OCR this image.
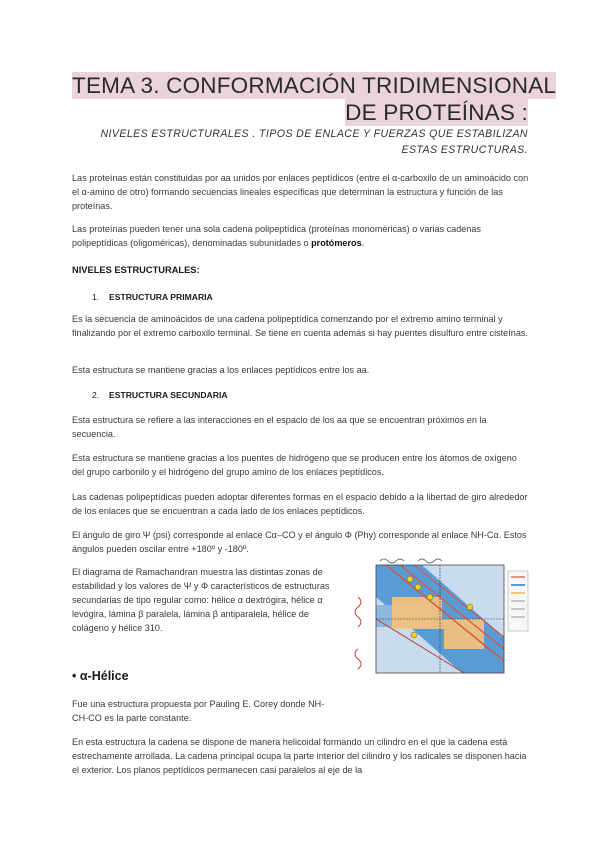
TEMA 3. CONFORMACIÓN TRIDIMENSIONAL
DE PROTEÍNAS :
NIVELES ESTRUCTURALES . TIPOS DE ENLACE Y FUERZAS QUE ESTABILIZAN
ESTAS ESTRUCTURAS.

Las proteínas están constituidas por aa unidos por enlaces peptídicos (entre el α-carboxilo de un aminoácido con el α-amino de otro) formando secuencias lineales específicas que determinan la estructura y función de las proteínas.

Las proteínas pueden tener una sola cadena polipeptídica (proteínas monoméricas) o varias cadenas polipeptídicas (oligoméricas), denominadas subunidades o protómeros.

NIVELES ESTRUCTURALES:
1. ESTRUCTURA PRIMARIA

Es la secuencia de aminoácidos de una cadena polipeptídica comenzando por el extremo amino terminal y finalizando por el extremo carboxilo terminal. Se tiene en cuenta además si hay puentes disulfuro entre cisteínas.

Esta estructura se mantiene gracias a los enlaces peptídicos entre los aa.

2. ESTRUCTURA SECUNDARIA

Esta estructura se refiere a las interacciones en el espacio de los aa que se encuentran próximos en la secuencia.

Esta estructura se mantiene gracias a los puentes de hidrógeno que se producen entre los átomos de oxígeno del grupo carbonilo y el hidrógeno del grupo amino de los enlaces peptídicos.

Las cadenas polipeptídicas pueden adoptar diferentes formas en el espacio debido a la libertad de giro alrededor de los enlaces que se encuentran a cada lado de los enlaces peptídicos.

El ángulo de giro Ψ (psi) corresponde al enlace Cα–CO y el ángulo Φ (Phy) corresponde al enlace NH-Cα. Estos ángulos pueden oscilar entre +180º y -180º.

El diagrama de Ramachandran muestra las distintas zonas de estabilidad y los valores de Ψ y Φ característicos de estructuras secundarias de tipo regular como: hélice α dextrógira, hélice α levógira, lámina β paralela, lámina β antiparalela, hélice de colágeno y hélice 310.

• α-Hélice

Fue una estructura propuesta por Pauling E. Corey donde NH-CH-CO es la parte constante.

En esta estructura la cadena se dispone de manera helicoidal formando un cilindro en el que la cadena está estrechamente arrollada. La cadena principal ocupa la parte interior del cilindro y los radicales se disponen hacia el exterior. Los planos peptídicos permanecen casi paralelos al eje de la
